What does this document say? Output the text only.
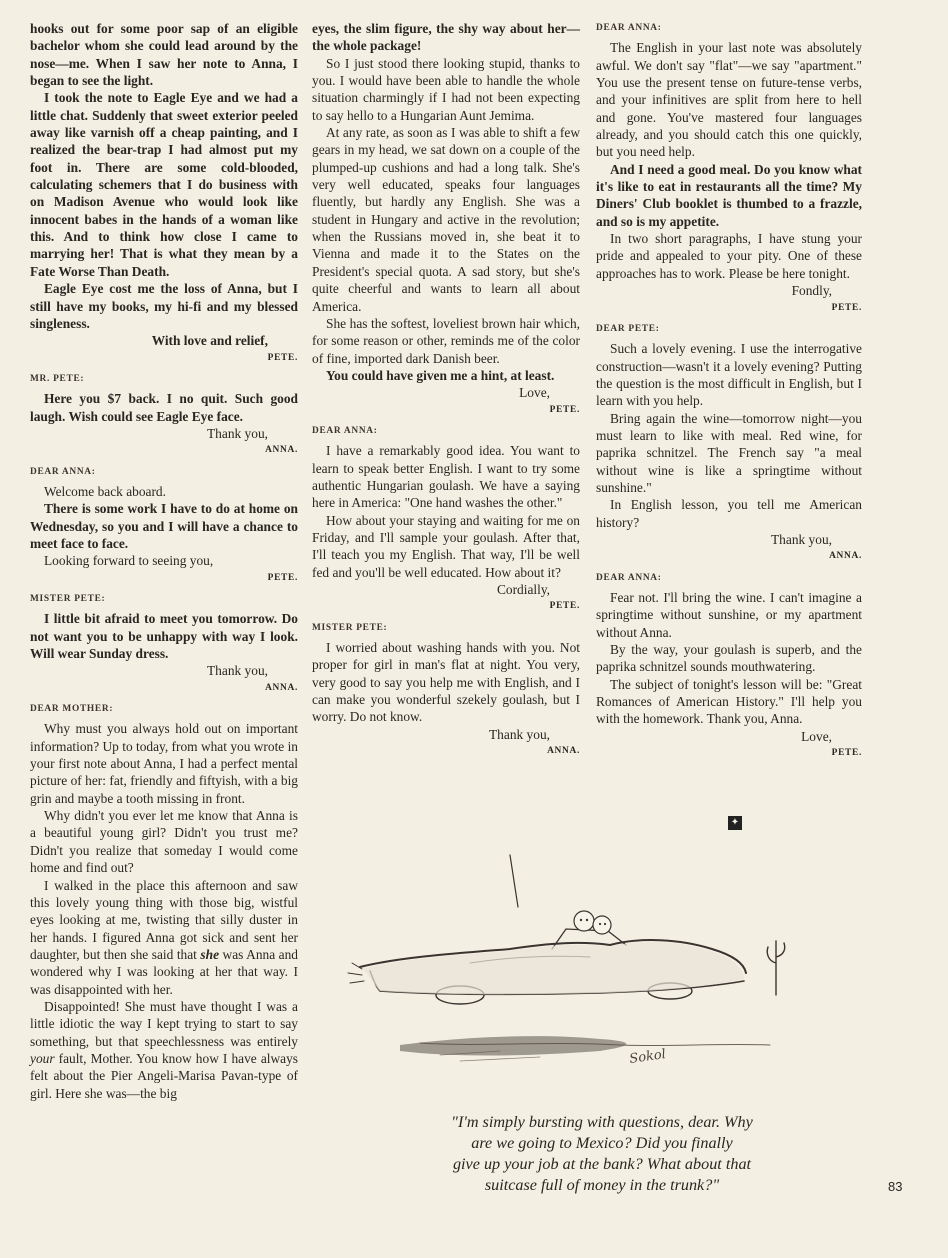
hooks out for some poor sap of an eligible bachelor whom she could lead around by the nose—me. When I saw her note to Anna, I began to see the light.

I took the note to Eagle Eye and we had a little chat. Suddenly that sweet exterior peeled away like varnish off a cheap painting, and I realized the bear-trap I had almost put my foot in. There are some cold-blooded, calculating schemers that I do business with on Madison Avenue who would look like innocent babes in the hands of a woman like this. And to think how close I came to marrying her! That is what they mean by a Fate Worse Than Death.

Eagle Eye cost me the loss of Anna, but I still have my books, my hi-fi and my blessed singleness.

With love and relief,

PETE.

MR. PETE:

Here you $7 back. I no quit. Such good laugh. Wish could see Eagle Eye face.

Thank you,

ANNA.

DEAR ANNA:

Welcome back aboard.

There is some work I have to do at home on Wednesday, so you and I will have a chance to meet face to face.

Looking forward to seeing you,

PETE.

MISTER PETE:

I little bit afraid to meet you tomorrow. Do not want you to be unhappy with way I look. Will wear Sunday dress.

Thank you,

ANNA.

DEAR MOTHER:

Why must you always hold out on important information? Up to today, from what you wrote in your first note about Anna, I had a perfect mental picture of her: fat, friendly and fiftyish, with a big grin and maybe a tooth missing in front.

Why didn't you ever let me know that Anna is a beautiful young girl? Didn't you trust me? Didn't you realize that someday I would come home and find out?

I walked in the place this afternoon and saw this lovely young thing with those big, wistful eyes looking at me, twisting that silly duster in her hands. I figured Anna got sick and sent her daughter, but then she said that she was Anna and wondered why I was looking at her that way. I was disappointed with her.

Disappointed! She must have thought I was a little idiotic the way I kept trying to start to say something, but that speechlessness was entirely your fault, Mother. You know how I have always felt about the Pier Angeli-Marisa Pavan-type of girl. Here she was—the big

eyes, the slim figure, the shy way about her—the whole package!

So I just stood there looking stupid, thanks to you. I would have been able to handle the whole situation charmingly if I had not been expecting to say hello to a Hungarian Aunt Jemima.

At any rate, as soon as I was able to shift a few gears in my head, we sat down on a couple of the plumped-up cushions and had a long talk. She's very well educated, speaks four languages fluently, but hardly any English. She was a student in Hungary and active in the revolution; when the Russians moved in, she beat it to Vienna and made it to the States on the President's special quota. A sad story, but she's quite cheerful and wants to learn all about America.

She has the softest, loveliest brown hair which, for some reason or other, reminds me of the color of fine, imported dark Danish beer.

You could have given me a hint, at least.

Love,

PETE.

DEAR ANNA:

I have a remarkably good idea. You want to learn to speak better English. I want to try some authentic Hungarian goulash. We have a saying here in America: "One hand washes the other."

How about your staying and waiting for me on Friday, and I'll sample your goulash. After that, I'll teach you my English. That way, I'll be well fed and you'll be well educated. How about it?

Cordially,

PETE.

MISTER PETE:

I worried about washing hands with you. Not proper for girl in man's flat at night. You very, very good to say you help me with English, and I can make you wonderful szekely goulash, but I worry. Do not know.

Thank you,

ANNA.

DEAR ANNA:

The English in your last note was absolutely awful. We don't say "flat"—we say "apartment." You use the present tense on future-tense verbs, and your infinitives are split from here to hell and gone. You've mastered four languages already, and you should catch this one quickly, but you need help.

And I need a good meal. Do you know what it's like to eat in restaurants all the time? My Diners' Club booklet is thumbed to a frazzle, and so is my appetite.

In two short paragraphs, I have stung your pride and appealed to your pity. One of these approaches has to work. Please be here tonight.

Fondly,

PETE.

DEAR PETE:

Such a lovely evening. I use the interrogative construction—wasn't it a lovely evening? Putting the question is the most difficult in English, but I learn with you help.

Bring again the wine—tomorrow night—you must learn to like with meal. Red wine, for paprika schnitzel. The French say "a meal without wine is like a springtime without sunshine."

In English lesson, you tell me American history?

Thank you,

ANNA.

DEAR ANNA:

Fear not. I'll bring the wine. I can't imagine a springtime without sunshine, or my apartment without Anna.

By the way, your goulash is superb, and the paprika schnitzel sounds mouthwatering.

The subject of tonight's lesson will be: "Great Romances of American History." I'll help you with the homework. Thank you, Anna.

Love,

PETE.

✦
Sokol
"I'm simply bursting with questions, dear. Why
are we going to Mexico? Did you finally
give up your job at the bank? What about that
suitcase full of money in the trunk?"	83
